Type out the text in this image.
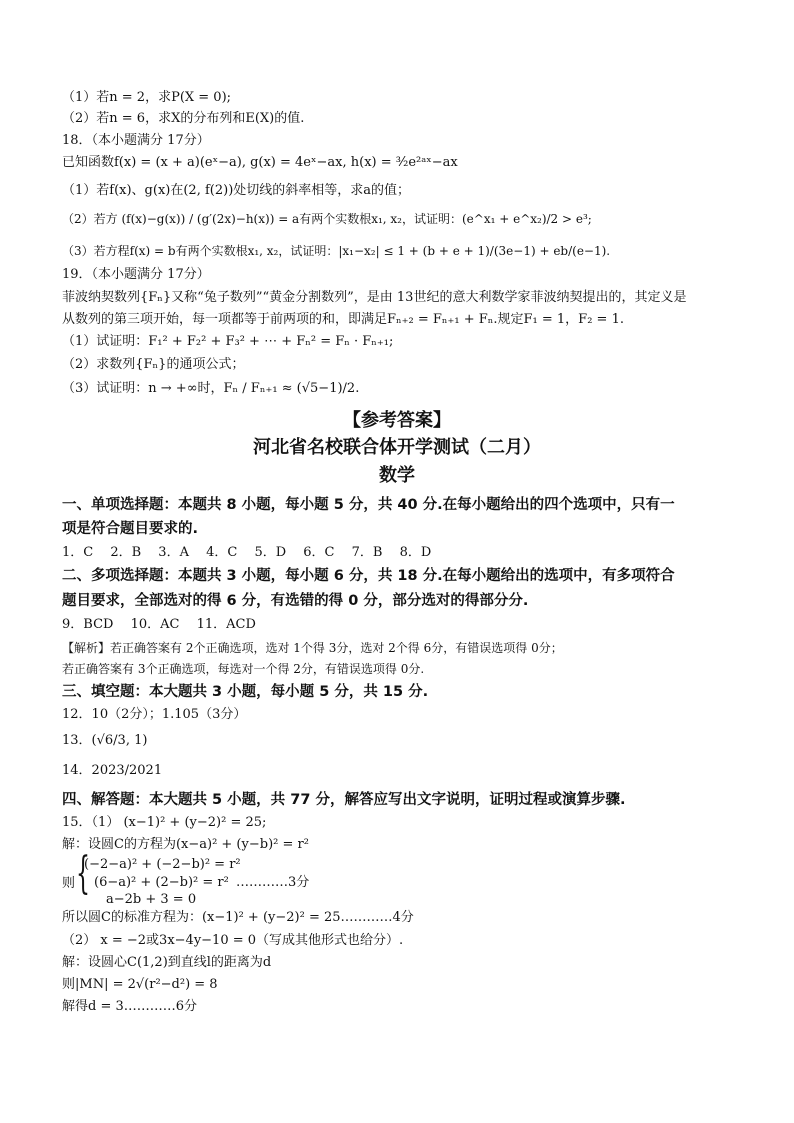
（1）若n = 2，求P(X = 0);
（2）若n = 6，求X的分布列和E(X)的值.
18．（本小题满分 17分）
已知函数f(x) = (x + a)(eˣ−a), g(x) = 4eˣ−ax, h(x) = ³⁄₂e²ᵃˣ−ax
（1）若f(x)、g(x)在(2, f(2))处切线的斜率相等，求a的值；
（2）若方 (f(x)−g(x)) / (g′(2x)−h(x)) = a有两个实数根x₁, x₂，试证明：(e^x₁ + e^x₂)/2 > e³;
（3）若方程f(x) = b有两个实数根x₁, x₂，试证明：|x₁−x₂| ≤ 1 + (b + e + 1)/(3e−1) + eb/(e−1).
19．（本小题满分 17分）
菲波纳契数列{Fₙ}又称“兔子数列”“黄金分割数列”，是由 13世纪的意大利数学家菲波纳契提出的，其定义是
从数列的第三项开始，每一项都等于前两项的和，即满足Fₙ₊₂ = Fₙ₊₁ + Fₙ.规定F₁ = 1，F₂ = 1.
（1）试证明：F₁² + F₂² + F₃² + ⋯ + Fₙ² = Fₙ · Fₙ₊₁;
（2）求数列{Fₙ}的通项公式；
（3）试证明：n → +∞时，Fₙ / Fₙ₊₁ ≈ (√5−1)/2.
【参考答案】
河北省名校联合体开学测试（二月）
数学
一、单项选择题：本题共 8 小题，每小题 5 分，共 40 分.在每小题给出的四个选项中，只有一
项是符合题目要求的.
1．C　 2．B　 3．A　 4．C　 5．D　 6．C　 7．B　 8．D
二、多项选择题：本题共 3 小题，每小题 6 分，共 18 分.在每小题给出的选项中，有多项符合
题目要求，全部选对的得 6 分，有选错的得 0 分，部分选对的得部分分.
9．BCD　 10．AC　 11．ACD
【解析】若正确答案有 2个正确选项，选对 1个得 3分，选对 2个得 6分，有错误选项得 0分；
若正确答案有 3个正确选项，每选对一个得 2分，有错误选项得 0分.
三、填空题：本大题共 3 小题，每小题 5 分，共 15 分.
12．10（2分）；1.105（3分）
13．(√6/3, 1)
14．2023/2021
四、解答题：本大题共 5 小题，共 77 分，解答应写出文字说明，证明过程或演算步骤.
15．（1） (x−1)² + (y−2)² = 25;
解：设圆C的方程为(x−a)² + (y−b)² = r²
则 {
(−2−a)² + (−2−b)² = r²
(6−a)² + (2−b)² = r² …………3分
a−2b + 3 = 0
所以圆C的标准方程为：(x−1)² + (y−2)² = 25…………4分
（2） x = −2或3x−4y−10 = 0（写成其他形式也给分）.
解：设圆心C(1,2)到直线l的距离为d
则|MN| = 2√(r²−d²) = 8
解得d = 3…………6分
